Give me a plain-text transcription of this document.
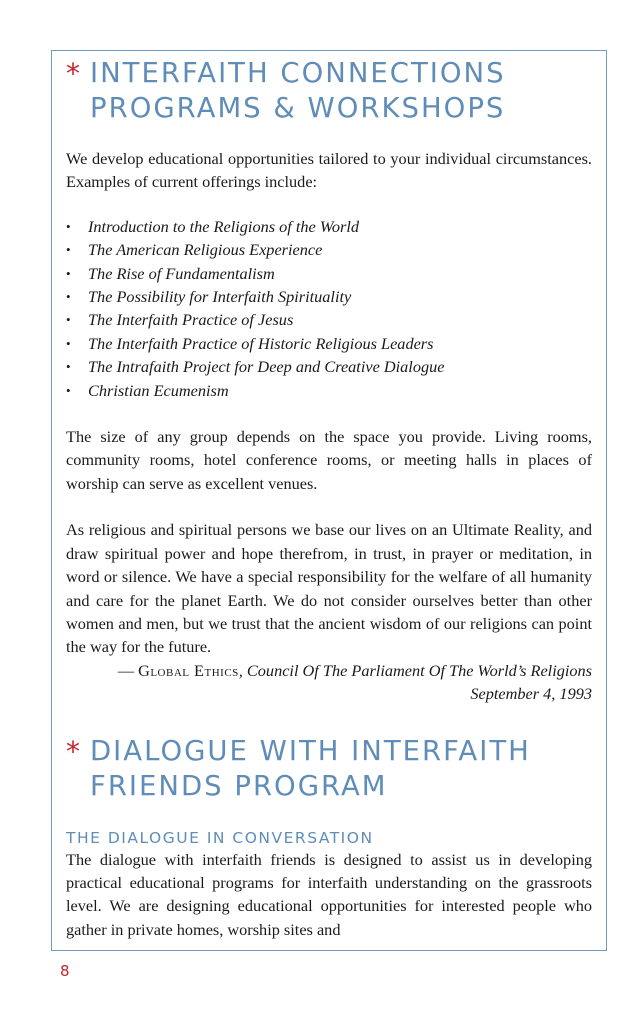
* INTERFAITH CONNECTIONS
PROGRAMS & WORKSHOPS

We develop educational opportunities tailored to your individual circumstances. Examples of current offerings include:

• Introduction to the Religions of the World
• The American Religious Experience
• The Rise of Fundamentalism
• The Possibility for Interfaith Spirituality
• The Interfaith Practice of Jesus
• The Interfaith Practice of Historic Religious Leaders
• The Intrafaith Project for Deep and Creative Dialogue
• Christian Ecumenism

The size of any group depends on the space you provide. Living rooms, community rooms, hotel conference rooms, or meeting halls in places of worship can serve as excellent venues.

As religious and spiritual persons we base our lives on an Ultimate Reality, and draw spiritual power and hope therefrom, in trust, in prayer or meditation, in word or silence. We have a special responsibility for the welfare of all humanity and care for the planet Earth. We do not consider ourselves better than other women and men, but we trust that the ancient wisdom of our religions can point the way for the future.

— Global Ethics, Council Of The Parliament Of The World’s Religions

September 4, 1993

* DIALOGUE WITH INTERFAITH
FRIENDS PROGRAM
THE DIALOGUE IN CONVERSATION

The dialogue with interfaith friends is designed to assist us in developing practical educational programs for interfaith understanding on the grassroots level. We are designing educational opportunities for interested people who gather in private homes, worship sites and

8
